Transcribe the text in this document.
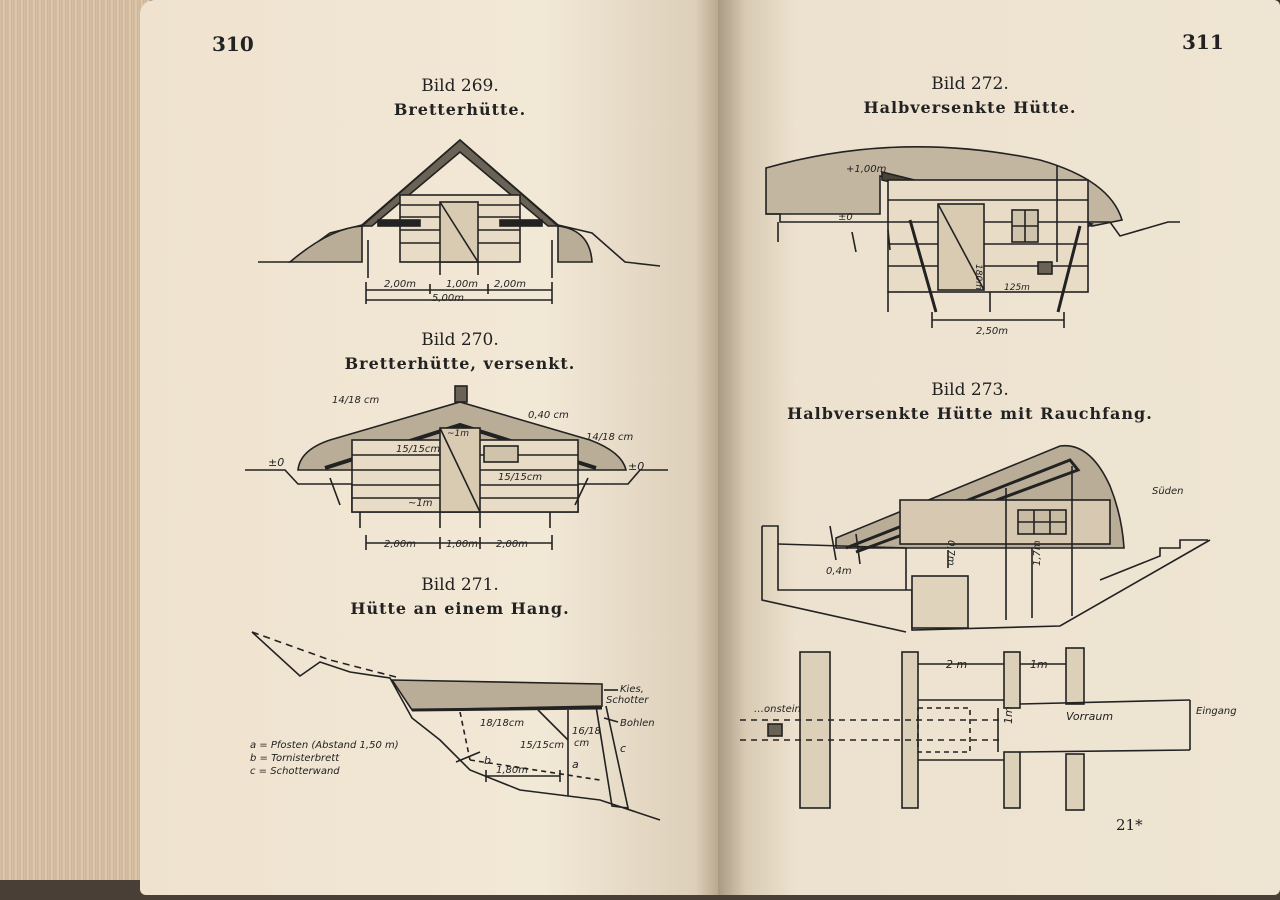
310
Bild 269.
Bretterhütte.
2,00m	1,00m 2,00m
5,00m
Bild 270.
Bretterhütte, versenkt.
14/18 cm
0,40 cm
14/18 cm
±0	±0
15/15cm
15/15cm
~1m
~1m
2,00m	1,00m 2,00m
Bild 271.
Hütte an einem Hang.
Kies,
Schotter
Bohlen
18/18cm
15/15cm
16/18
cm
1,80m	a
b
c
a = Pfosten (Abstand 1,50 m)
b = Tornisterbrett
c = Schotterwand
311
Bild 272.
Halbversenkte Hütte.
+1,00m
±0
180m 125m
2,50m
Bild 273.
Halbversenkte Hütte mit Rauchfang.
Süden
0,4m
0,7m	1,7m
2 m	1m
1m	Vorraum	Eingang
…onstein
21*
